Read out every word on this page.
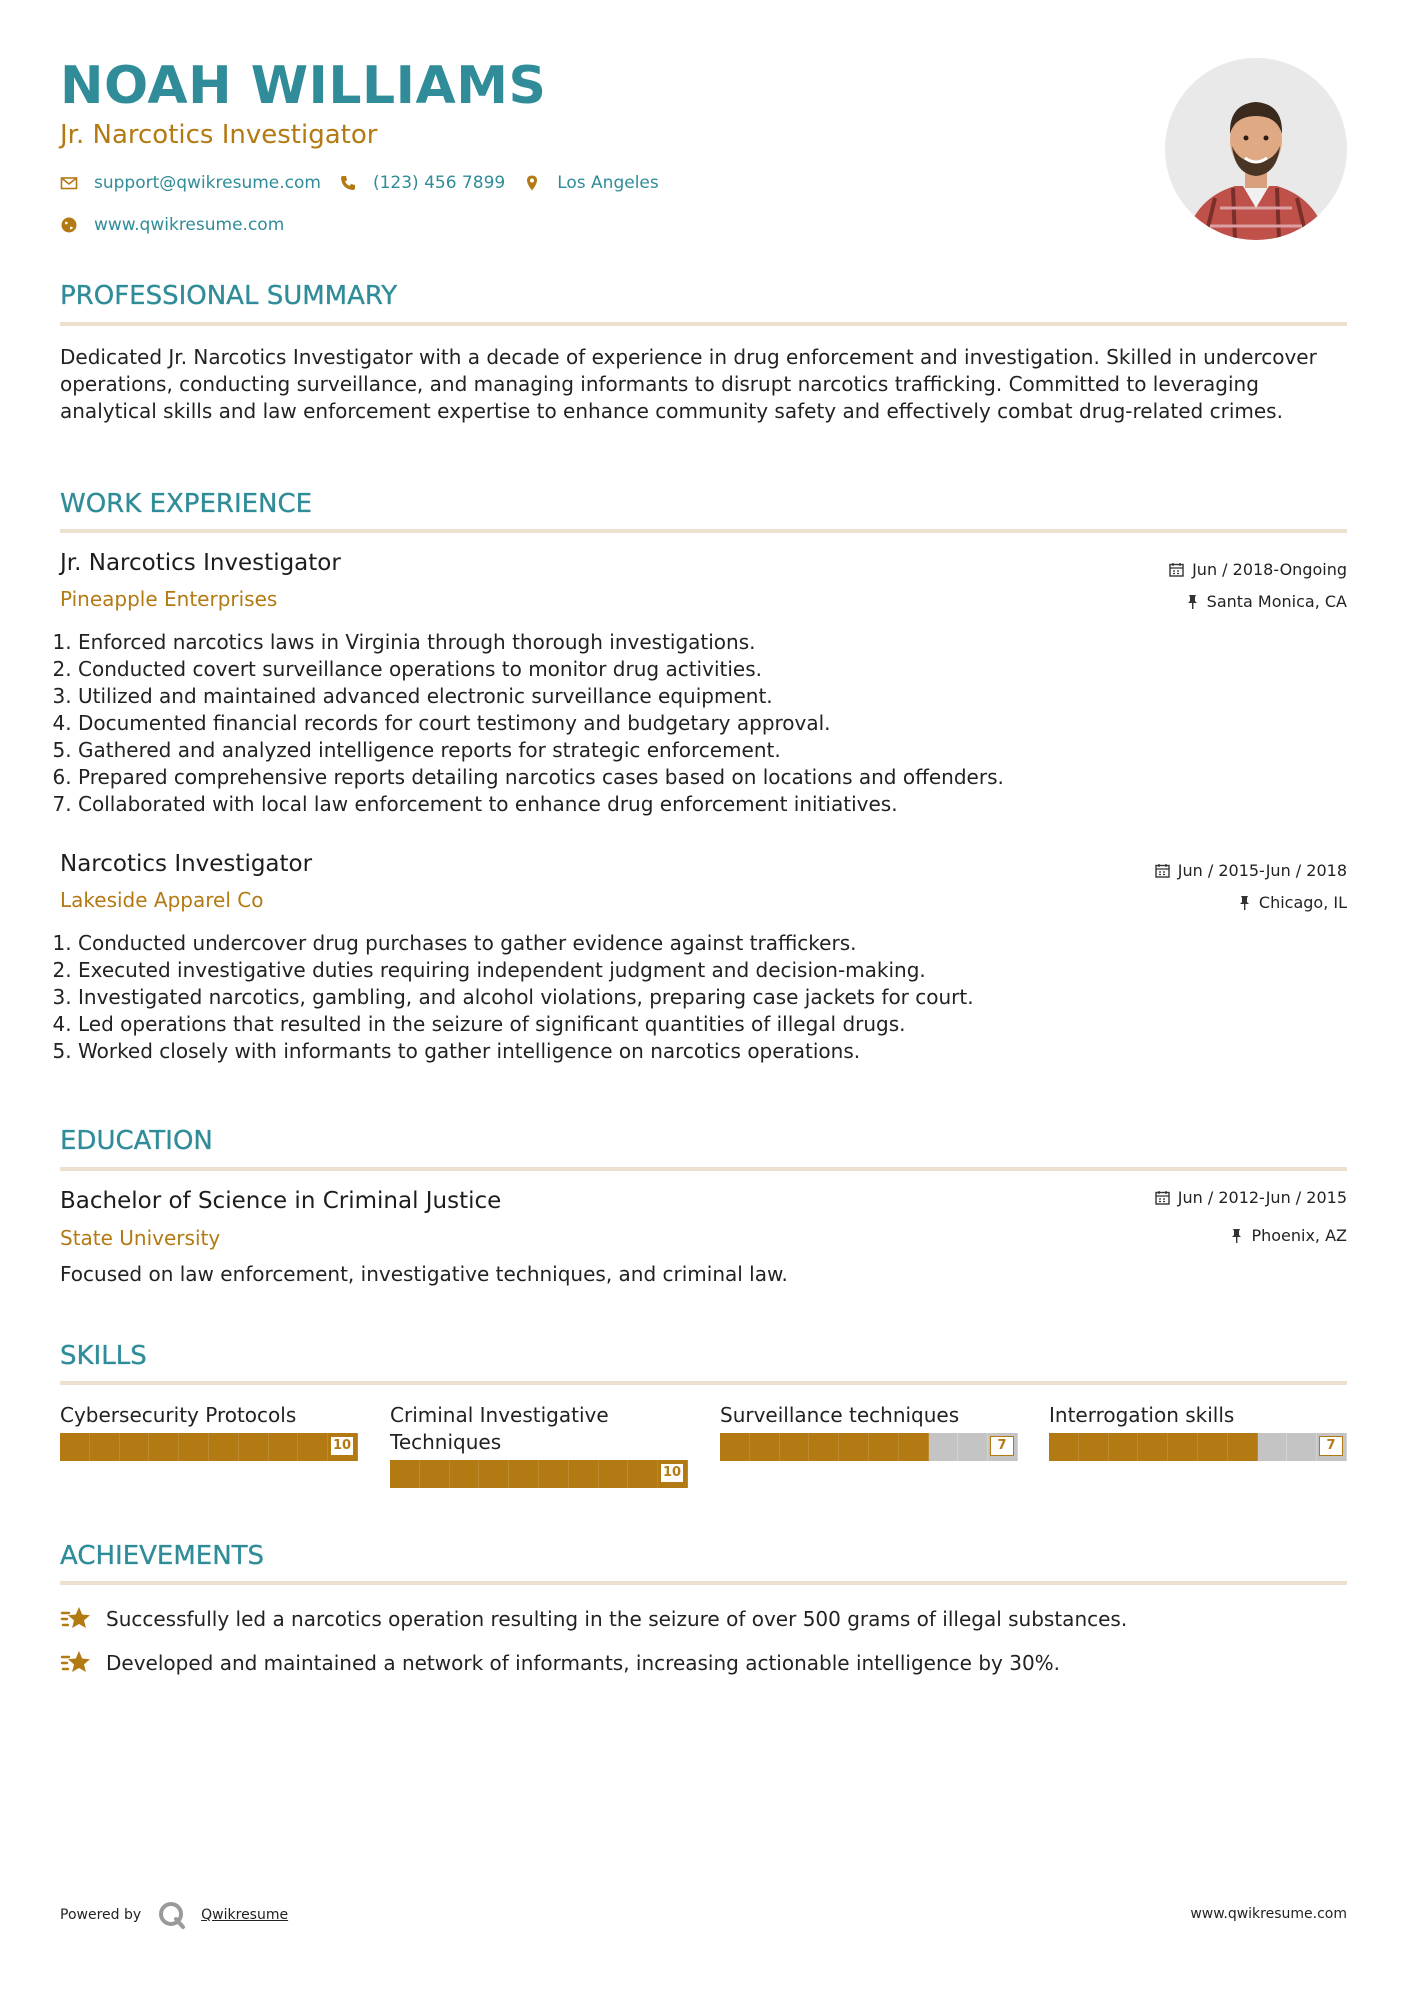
NOAH WILLIAMS
Jr. Narcotics Investigator
support@qwikresume.com	(123) 456 7899	Los Angeles
www.qwikresume.com
PROFESSIONAL SUMMARY

Dedicated Jr. Narcotics Investigator with a decade of experience in drug enforcement and investigation. Skilled in undercover operations, conducting surveillance, and managing informants to disrupt narcotics trafficking. Committed to leveraging analytical skills and law enforcement expertise to enhance community safety and effectively combat drug-related crimes.

WORK EXPERIENCE
Jr. Narcotics Investigator	Jun / 2018-Ongoing
Pineapple Enterprises	Santa Monica, CA
1. Enforced narcotics laws in Virginia through thorough investigations.
2. Conducted covert surveillance operations to monitor drug activities.
3. Utilized and maintained advanced electronic surveillance equipment.
4. Documented financial records for court testimony and budgetary approval.
5. Gathered and analyzed intelligence reports for strategic enforcement.
6. Prepared comprehensive reports detailing narcotics cases based on locations and offenders.
7. Collaborated with local law enforcement to enhance drug enforcement initiatives.
Narcotics Investigator	Jun / 2015-Jun / 2018
Lakeside Apparel Co	Chicago, IL
1. Conducted undercover drug purchases to gather evidence against traffickers.
2. Executed investigative duties requiring independent judgment and decision-making.
3. Investigated narcotics, gambling, and alcohol violations, preparing case jackets for court.
4. Led operations that resulted in the seizure of significant quantities of illegal drugs.
5. Worked closely with informants to gather intelligence on narcotics operations.
EDUCATION
Bachelor of Science in Criminal Justice	Jun / 2012-Jun / 2015
State University	Phoenix, AZ

Focused on law enforcement, investigative techniques, and criminal law.

SKILLS
Cybersecurity Protocols
10
Criminal Investigative Techniques
10
Surveillance techniques
7
Interrogation skills
7
ACHIEVEMENTS
Successfully led a narcotics operation resulting in the seizure of over 500 grams of illegal substances.
Developed and maintained a network of informants, increasing actionable intelligence by 30%.
Powered by	Qwikresume	www.qwikresume.com
